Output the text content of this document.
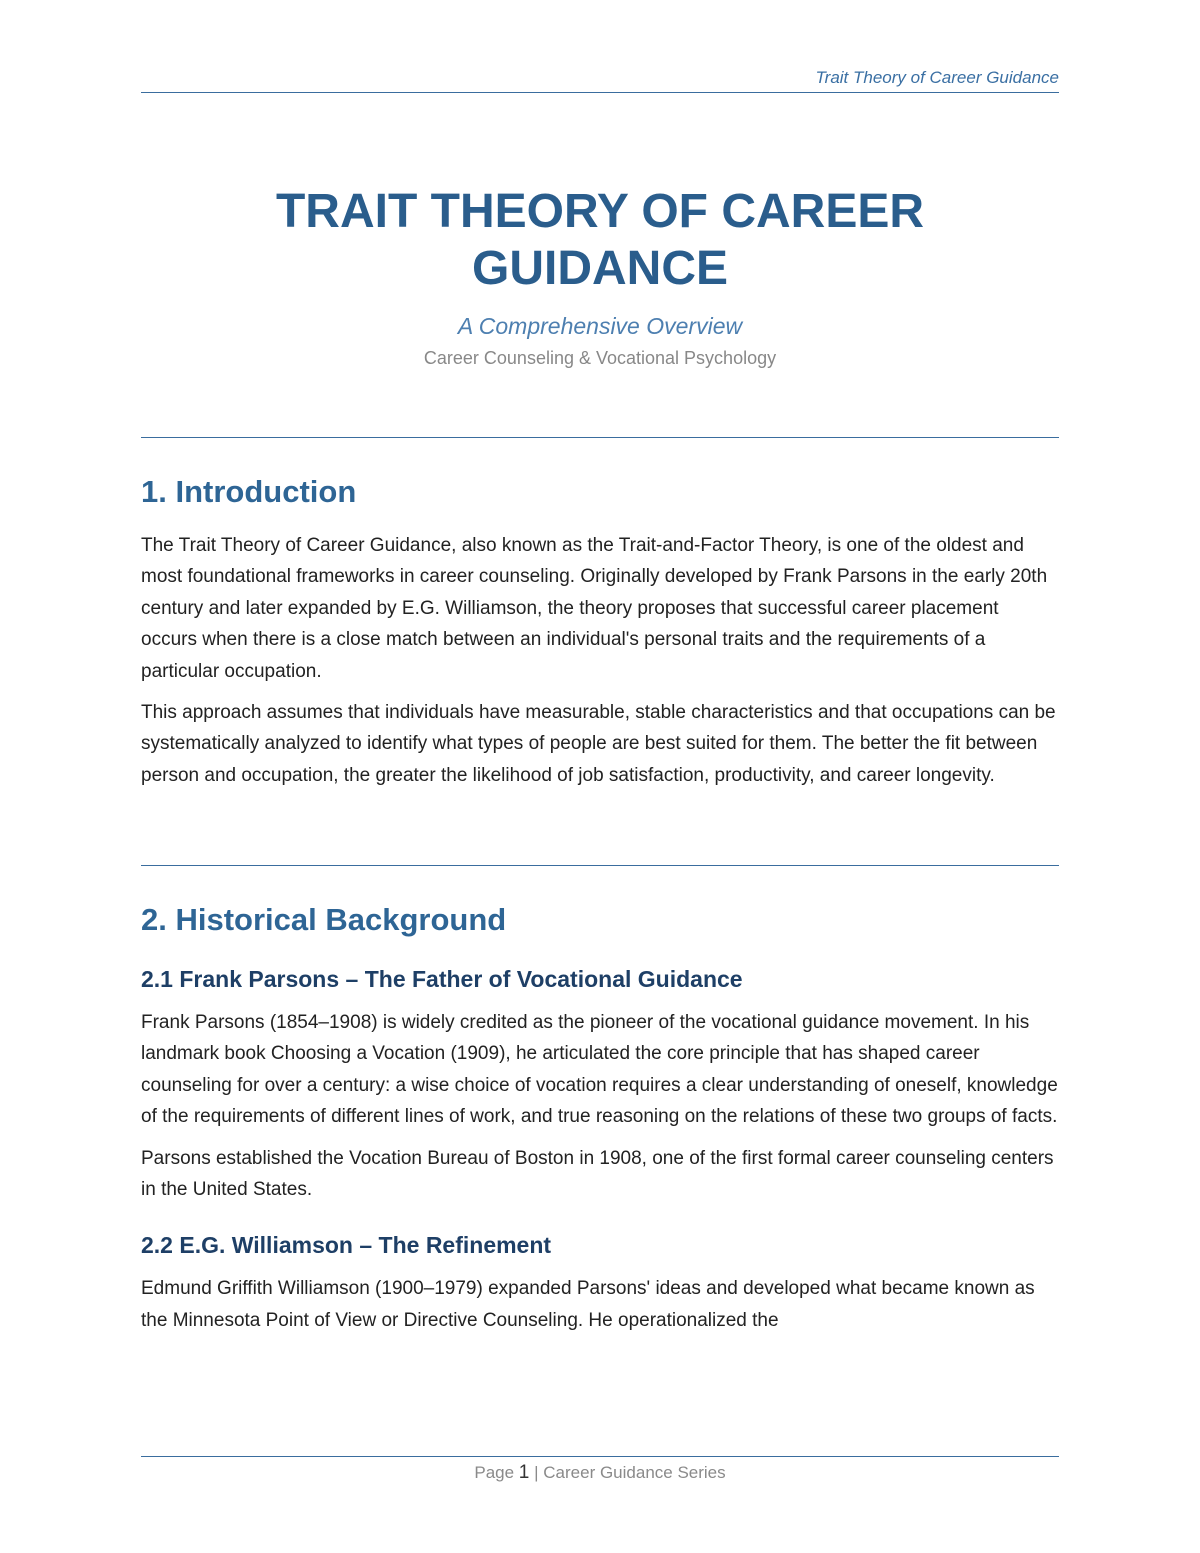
Trait Theory of Career Guidance
TRAIT THEORY OF CAREER
GUIDANCE
A Comprehensive Overview
Career Counseling & Vocational Psychology
1. Introduction

The Trait Theory of Career Guidance, also known as the Trait-and-Factor Theory, is one of the oldest and most foundational frameworks in career counseling. Originally developed by Frank Parsons in the early 20th century and later expanded by E.G. Williamson, the theory proposes that successful career placement occurs when there is a close match between an individual's personal traits and the requirements of a particular occupation.

This approach assumes that individuals have measurable, stable characteristics and that occupations can be systematically analyzed to identify what types of people are best suited for them. The better the fit between person and occupation, the greater the likelihood of job satisfaction, productivity, and career longevity.

2. Historical Background
2.1 Frank Parsons – The Father of Vocational Guidance

Frank Parsons (1854–1908) is widely credited as the pioneer of the vocational guidance movement. In his landmark book Choosing a Vocation (1909), he articulated the core principle that has shaped career counseling for over a century: a wise choice of vocation requires a clear understanding of oneself, knowledge of the requirements of different lines of work, and true reasoning on the relations of these two groups of facts.

Parsons established the Vocation Bureau of Boston in 1908, one of the first formal career counseling centers in the United States.

2.2 E.G. Williamson – The Refinement

Edmund Griffith Williamson (1900–1979) expanded Parsons' ideas and developed what became known as the Minnesota Point of View or Directive Counseling. He operationalized the

Page 1 | Career Guidance Series
